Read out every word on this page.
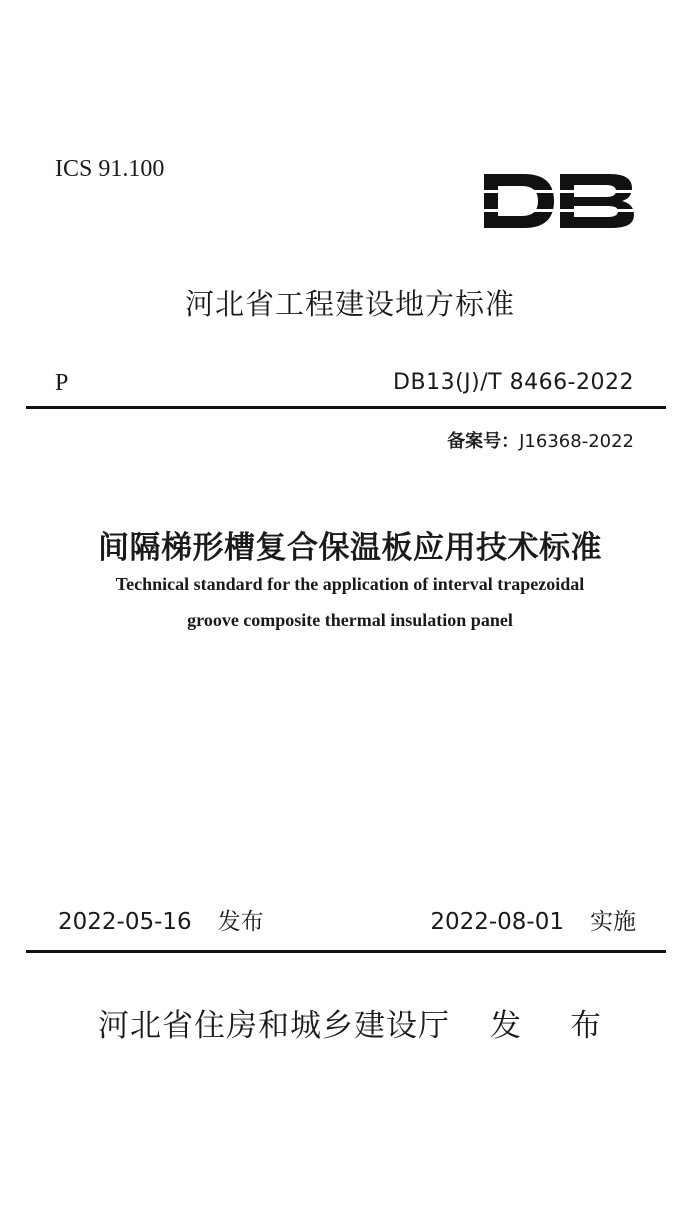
ICS 91.100
河北省工程建设地方标准
P	DB13(J)/T 8466-2022
备案号：J16368-2022
间隔梯形槽复合保温板应用技术标准
Technical standard for the application of interval trapezoidal
groove composite thermal insulation panel
2022-05-16 发布	2022-08-01 实施
河北省住房和城乡建设厅 发 布
